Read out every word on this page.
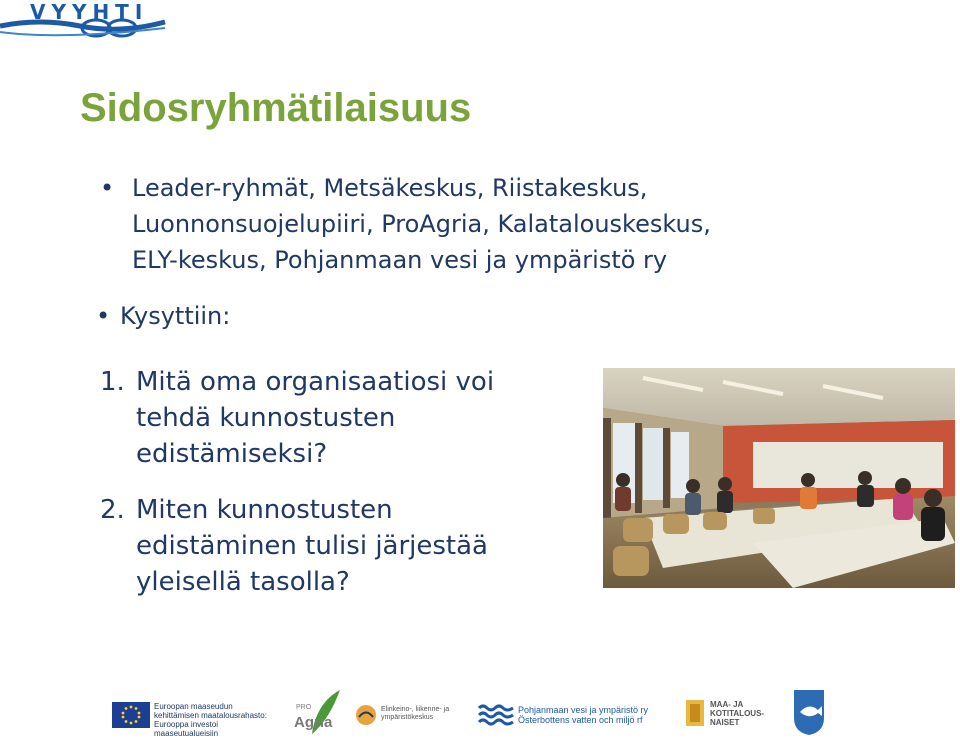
VYYHTI
Sidosryhmätilaisuus
• Leader-ryhmät, Metsäkeskus, Riistakeskus,
Luonnonsuojelupiiri, ProAgria, Kalatalouskeskus,
ELY-keskus, Pohjanmaan vesi ja ympäristö ry
• Kysyttiin:
1. Mitä oma organisaatiosi voi
tehdä kunnostusten
edistämiseksi?
2. Miten kunnostusten
edistäminen tulisi järjestää
yleisellä tasolla?
Euroopan maaseudun
kehittämisen maatalousrahasto:
Eurooppa investoi maaseutualueisiin
PRO
Agria
Elinkeino-, liikenne- ja
ympäristökeskus
Pohjanmaan vesi ja ympäristö ry
Österbottens vatten och miljö rf
MAA- JA
KOTITALOUS-
NAISET
